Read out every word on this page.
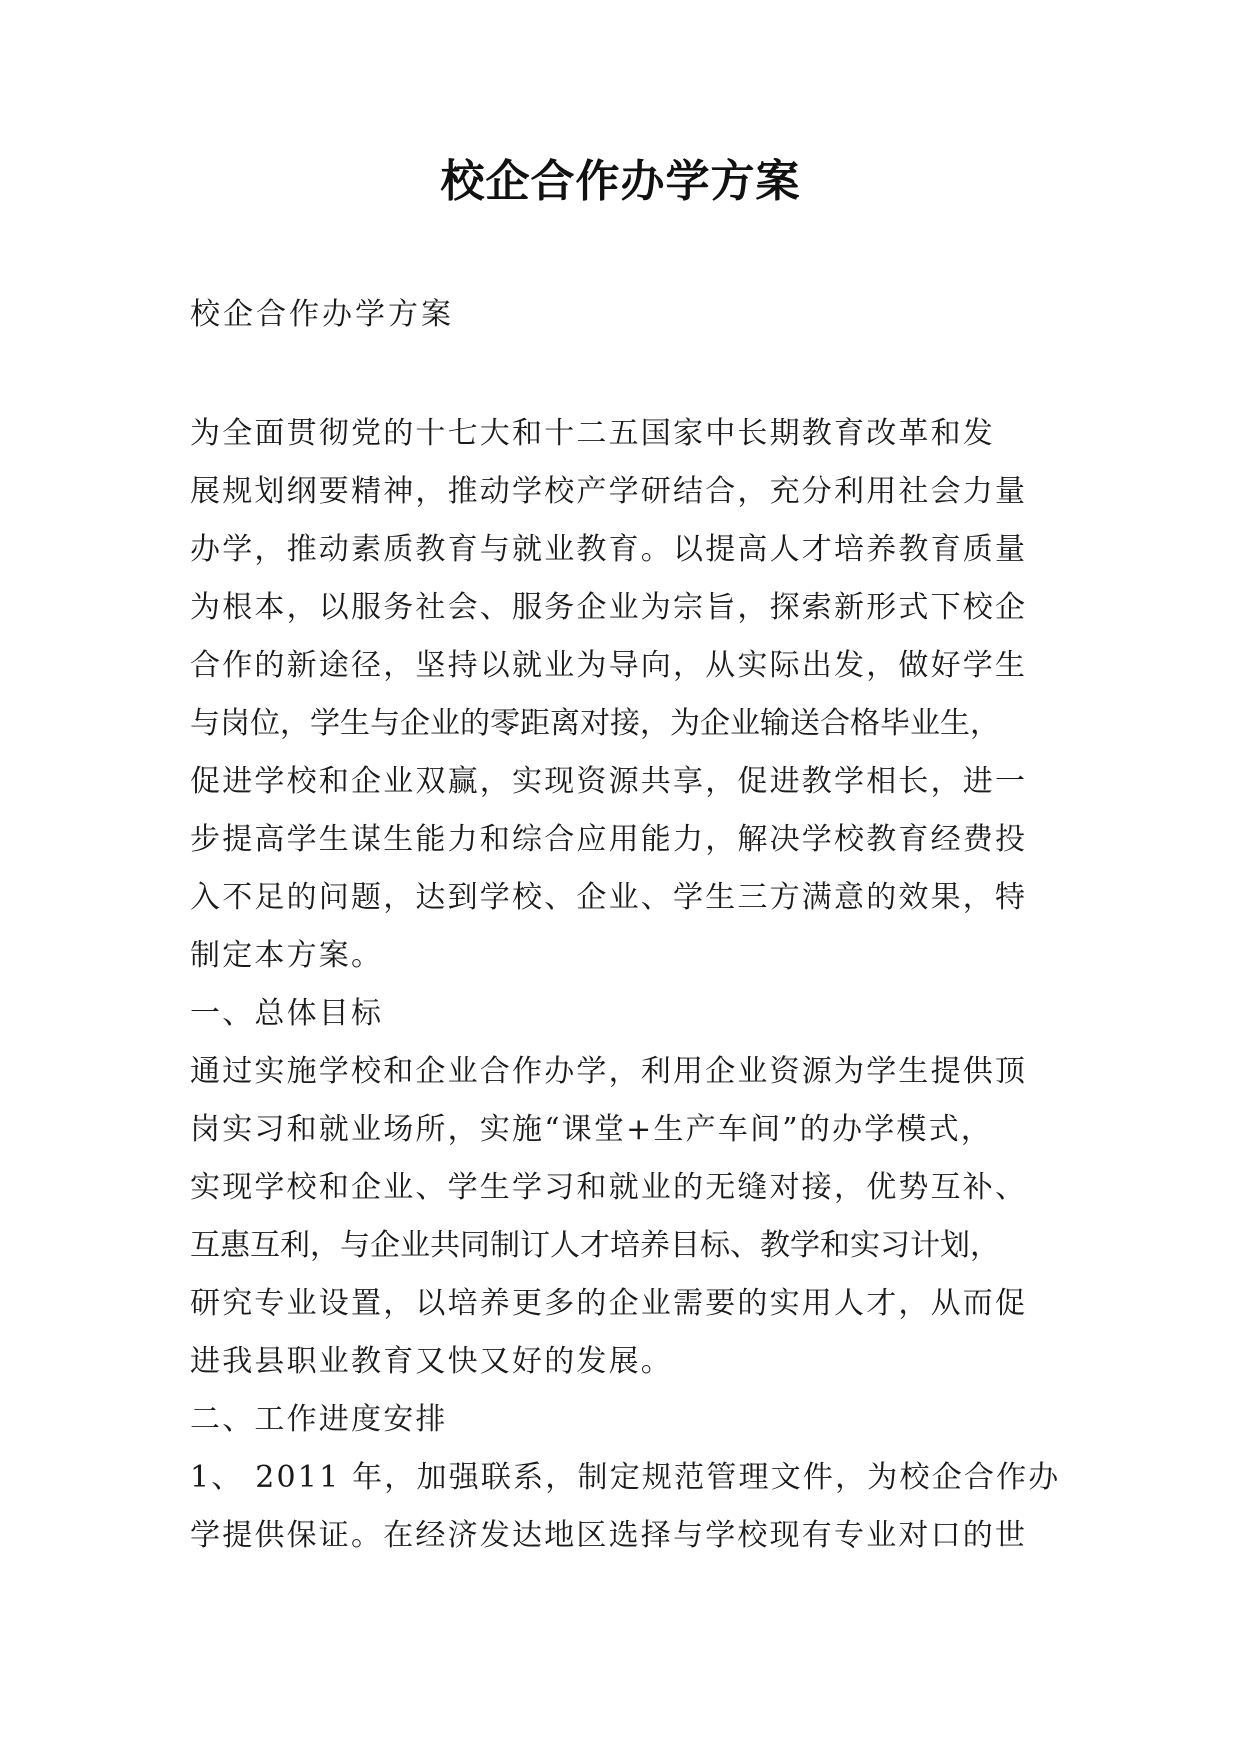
校企合作办学方案
校企合作办学方案
为全面贯彻党的十七大和十二五国家中长期教育改革和发
展规划纲要精神，推动学校产学研结合，充分利用社会力量
办学，推动素质教育与就业教育。以提高人才培养教育质量
为根本，以服务社会、服务企业为宗旨，探索新形式下校企
合作的新途径，坚持以就业为导向，从实际出发，做好学生
与岗位，学生与企业的零距离对接，为企业输送合格毕业生，
促进学校和企业双赢，实现资源共享，促进教学相长，进一
步提高学生谋生能力和综合应用能力，解决学校教育经费投
入不足的问题，达到学校、企业、学生三方满意的效果，特
制定本方案。
一、总体目标
通过实施学校和企业合作办学，利用企业资源为学生提供顶
岗实习和就业场所，实施“课堂+生产车间”的办学模式，
实现学校和企业、学生学习和就业的无缝对接，优势互补、
互惠互利，与企业共同制订人才培养目标、教学和实习计划，
研究专业设置，以培养更多的企业需要的实用人才，从而促
进我县职业教育又快又好的发展。
二、工作进度安排
1、 2011 年，加强联系，制定规范管理文件，为校企合作办
学提供保证。在经济发达地区选择与学校现有专业对口的世
